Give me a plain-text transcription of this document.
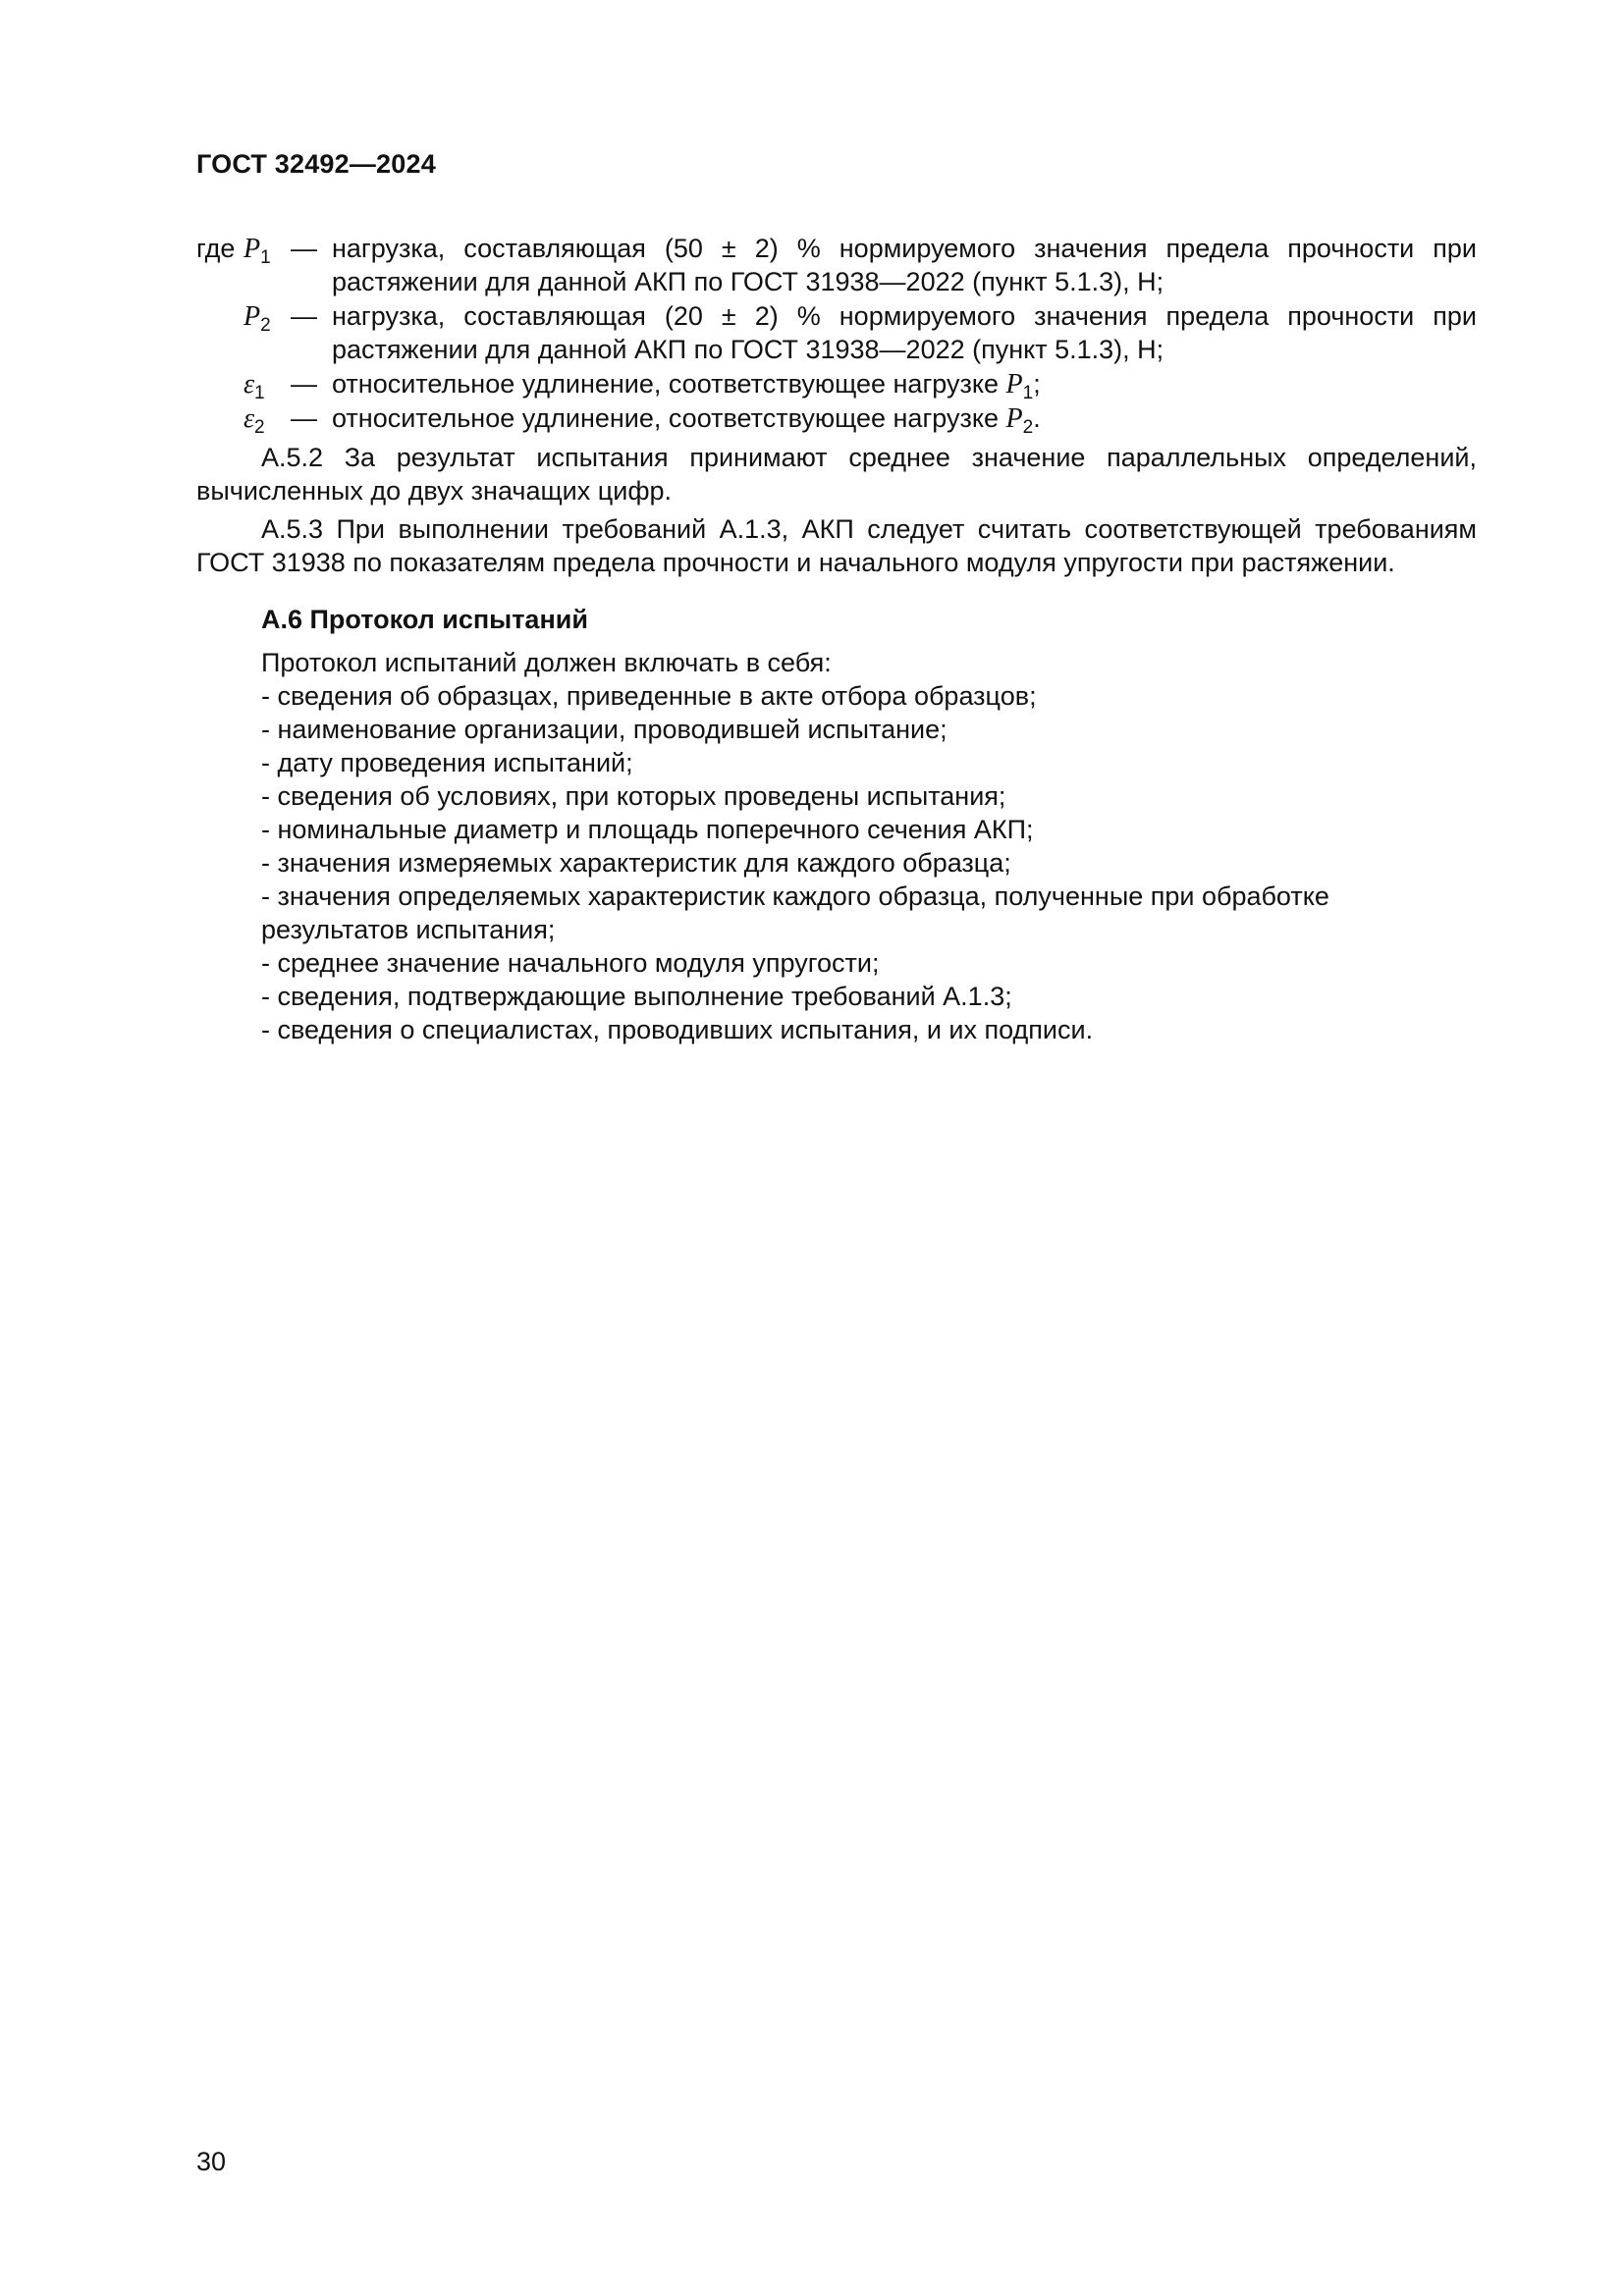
ГОСТ 32492—2024
где $P_1$ — нагрузка, составляющая (50 ± 2) % нормируемого значения предела прочности при растяжении для данной АКП по ГОСТ 31938—2022 (пункт 5.1.3), Н;
$P_2$ — нагрузка, составляющая (20 ± 2) % нормируемого значения предела прочности при растяжении для данной АКП по ГОСТ 31938—2022 (пункт 5.1.3), Н;
$\varepsilon_1$ — относительное удлинение, соответствующее нагрузке $P_1$;
$\varepsilon_2$ — относительное удлинение, соответствующее нагрузке $P_2$.

А.5.2 За результат испытания принимают среднее значение параллельных определений, вычисленных до двух значащих цифр.

А.5.3 При выполнении требований А.1.3, АКП следует считать соответствующей требованиям ГОСТ 31938 по показателям предела прочности и начального модуля упругости при растяжении.

А.6 Протокол испытаний

Протокол испытаний должен включать в себя:

- сведения об образцах, приведенные в акте отбора образцов;

- наименование организации, проводившей испытание;

- дату проведения испытаний;

- сведения об условиях, при которых проведены испытания;

- номинальные диаметр и площадь поперечного сечения АКП;

- значения измеряемых характеристик для каждого образца;

- значения определяемых характеристик каждого образца, полученные при обработке результатов испытания;

- среднее значение начального модуля упругости;

- сведения, подтверждающие выполнение требований А.1.3;

- сведения о специалистах, проводивших испытания, и их подписи.

30
